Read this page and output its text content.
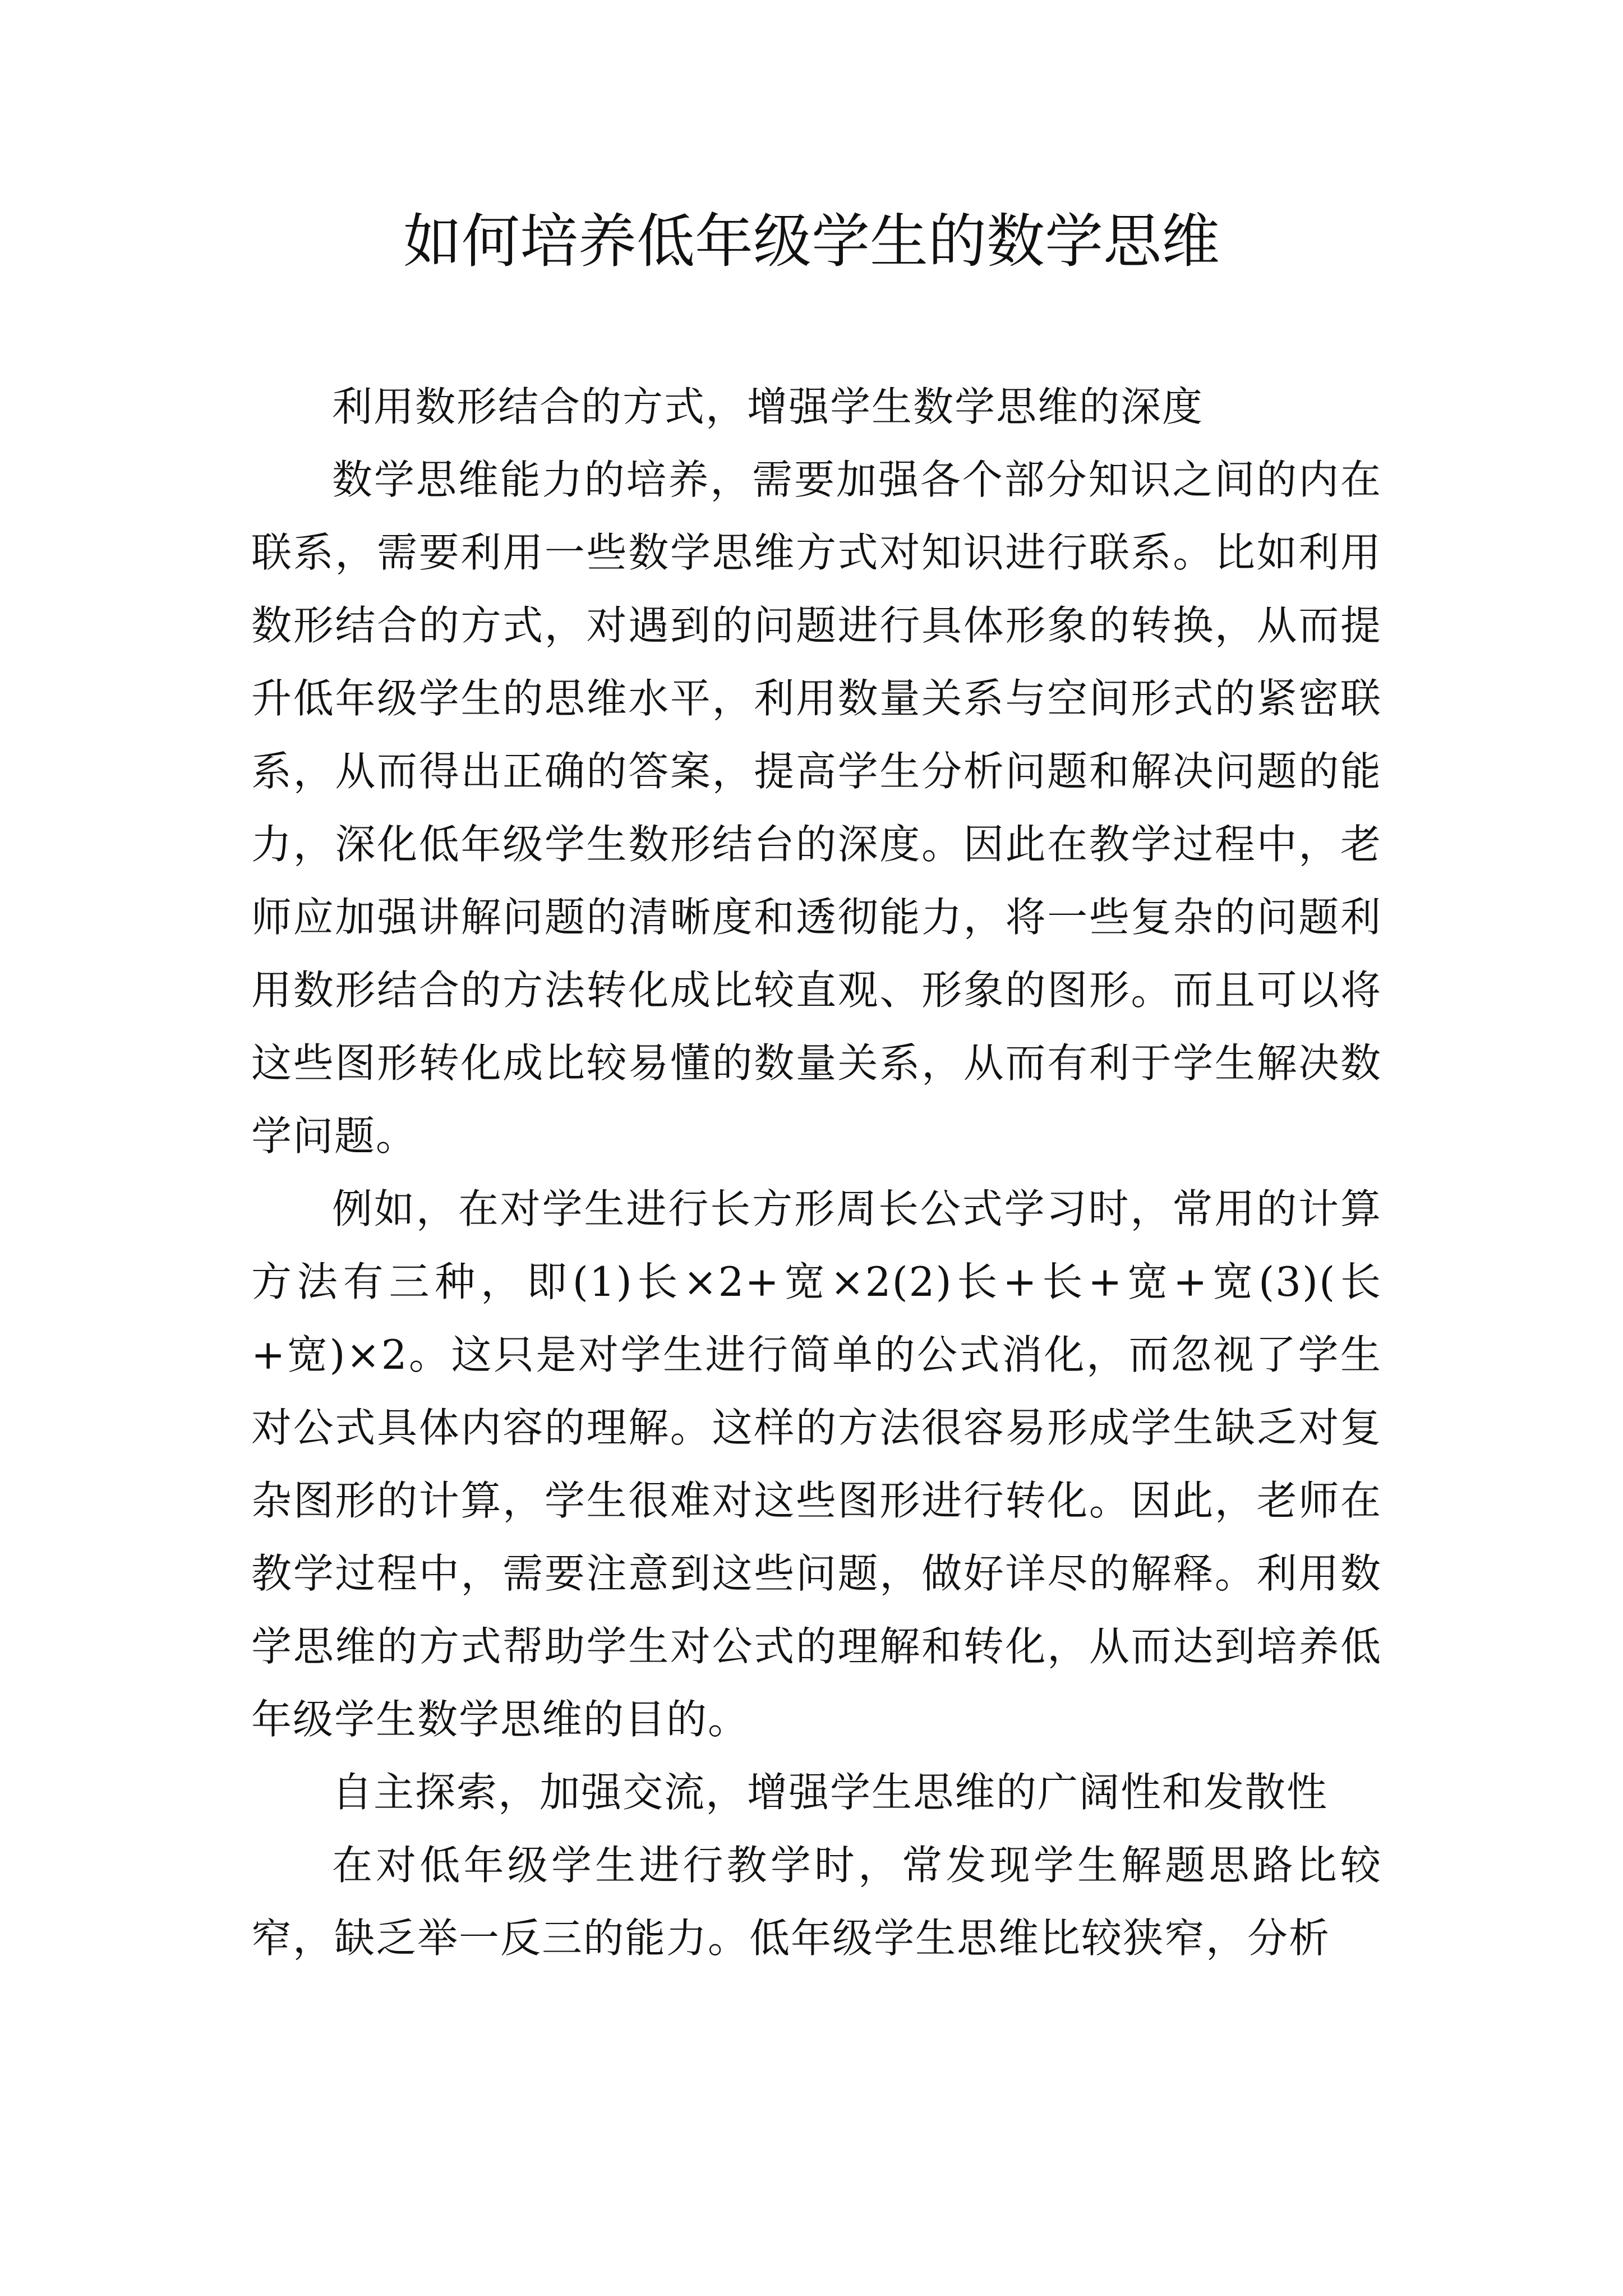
如何培养低年级学生的数学思维

利用数形结合的方式，增强学生数学思维的深度

数学思维能力的培养，需要加强各个部分知识之间的内在联系，需要利用一些数学思维方式对知识进行联系。比如利用数形结合的方式，对遇到的问题进行具体形象的转换，从而提升低年级学生的思维水平，利用数量关系与空间形式的紧密联系，从而得出正确的答案，提高学生分析问题和解决问题的能力，深化低年级学生数形结台的深度。因此在教学过程中，老师应加强讲解问题的清晰度和透彻能力，将一些复杂的问题利用数形结合的方法转化成比较直观、形象的图形。而且可以将这些图形转化成比较易懂的数量关系，从而有利于学生解决数学问题。

例如，在对学生进行长方形周长公式学习时，常用的计算方法有三种，即(1)长×2+宽×2(2)长+长+宽+宽(3)(长+宽)×2。这只是对学生进行简单的公式消化，而忽视了学生对公式具体内容的理解。这样的方法很容易形成学生缺乏对复杂图形的计算，学生很难对这些图形进行转化。因此，老师在教学过程中，需要注意到这些问题，做好详尽的解释。利用数学思维的方式帮助学生对公式的理解和转化，从而达到培养低年级学生数学思维的目的。

自主探索，加强交流，增强学生思维的广阔性和发散性

在对低年级学生进行教学时，常发现学生解题思路比较窄，缺乏举一反三的能力。低年级学生思维比较狭窄，分析
